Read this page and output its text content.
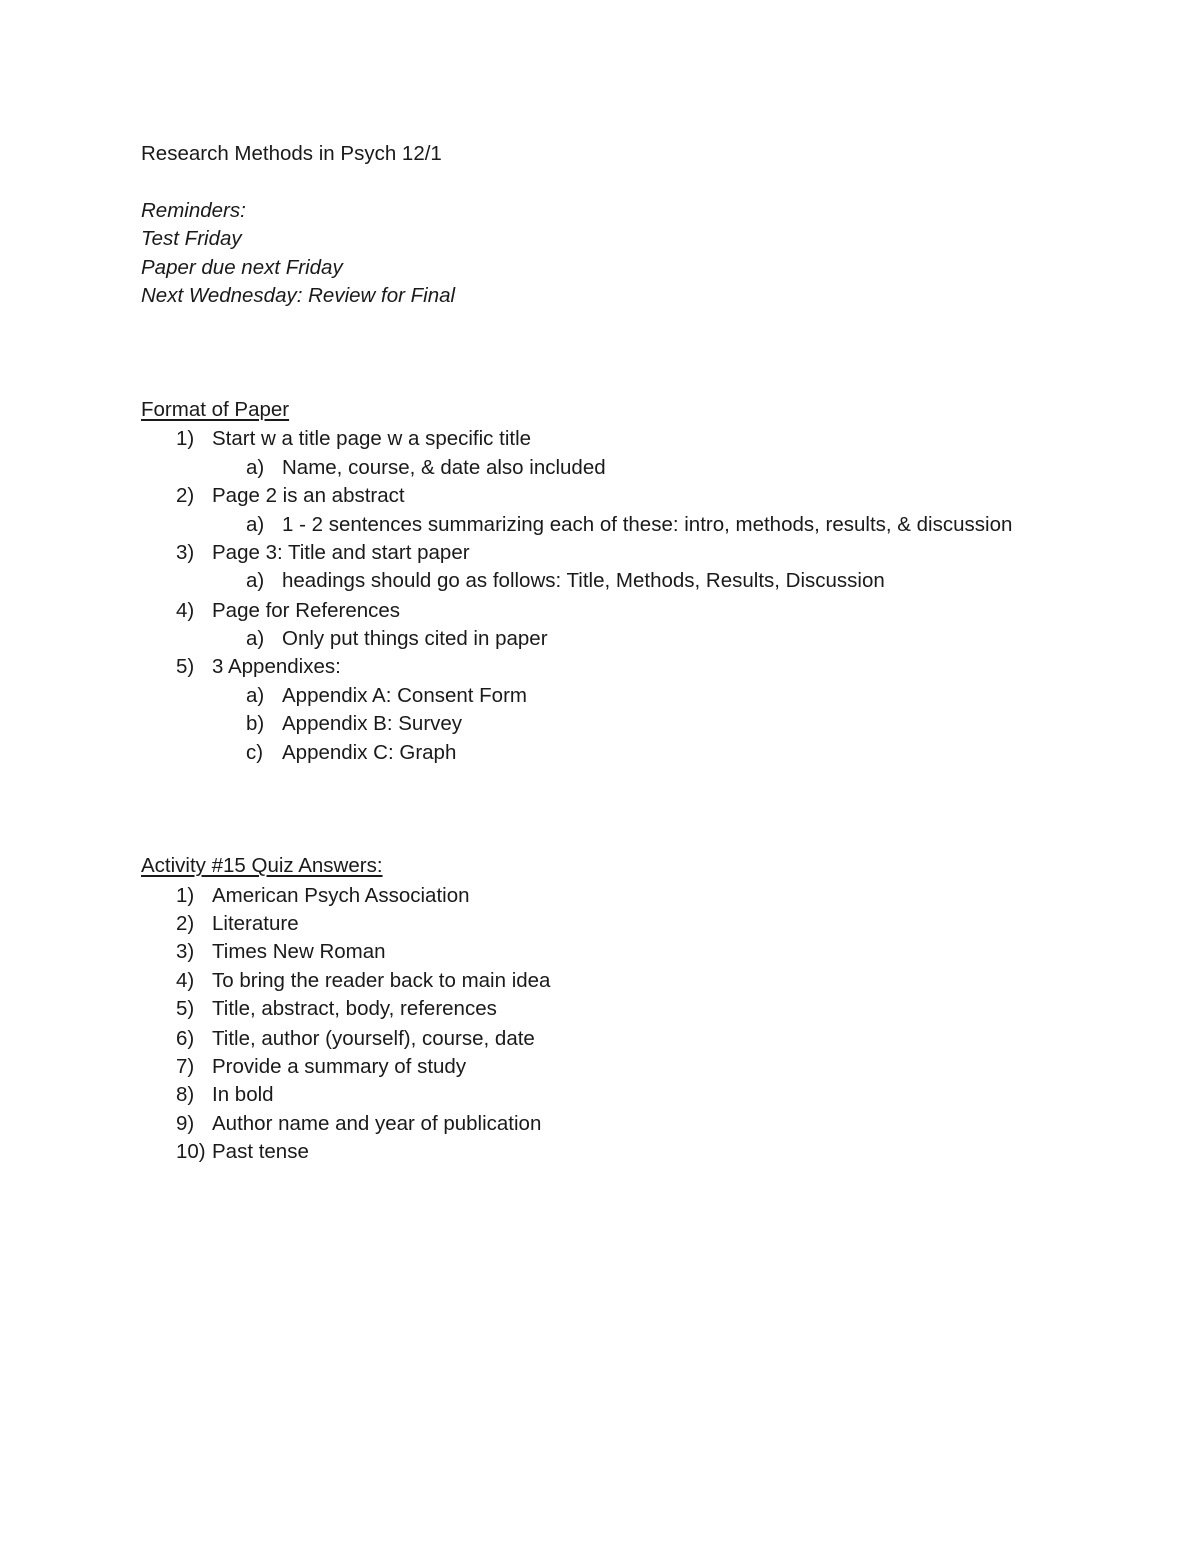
Research Methods in Psych 12/1
Reminders:
Test Friday
Paper due next Friday
Next Wednesday: Review for Final
Format of Paper
1) Start w a title page w a specific title
a) Name, course, & date also included
2) Page 2 is an abstract
a) 1 - 2 sentences summarizing each of these: intro, methods, results, & discussion
3) Page 3: Title and start paper
a) headings should go as follows: Title, Methods, Results, Discussion
4) Page for References
a) Only put things cited in paper
5) 3 Appendixes:
a) Appendix A: Consent Form
b) Appendix B: Survey
c) Appendix C: Graph
Activity #15 Quiz Answers:
1) American Psych Association
2) Literature
3) Times New Roman
4) To bring the reader back to main idea
5) Title, abstract, body, references
6) Title, author (yourself), course, date
7) Provide a summary of study
8) In bold
9) Author name and year of publication
10) Past tense
